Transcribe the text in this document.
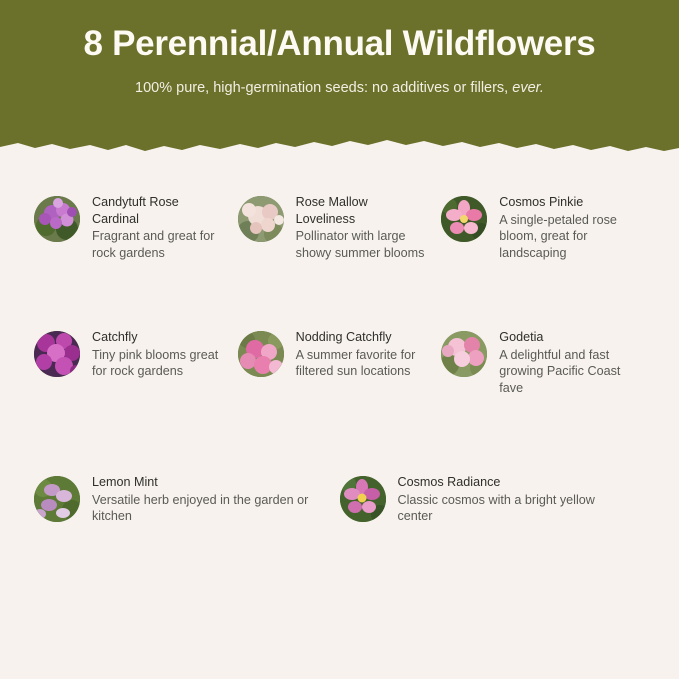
8 Perennial/Annual Wildflowers
100% pure, high-germination seeds: no additives or fillers, ever.

Candytuft Rose Cardinal

Fragrant and great for rock gardens

Rose Mallow Loveliness

Pollinator with large showy summer blooms

Cosmos Pinkie

A single-petaled rose bloom, great for landscaping

Catchfly

Tiny pink blooms great for rock gardens

Nodding Catchfly

A summer favorite for filtered sun locations

Godetia

A delightful and fast growing Pacific Coast fave

Lemon Mint

Versatile herb enjoyed in the garden or kitchen

Cosmos Radiance

Classic cosmos with a bright yellow center
